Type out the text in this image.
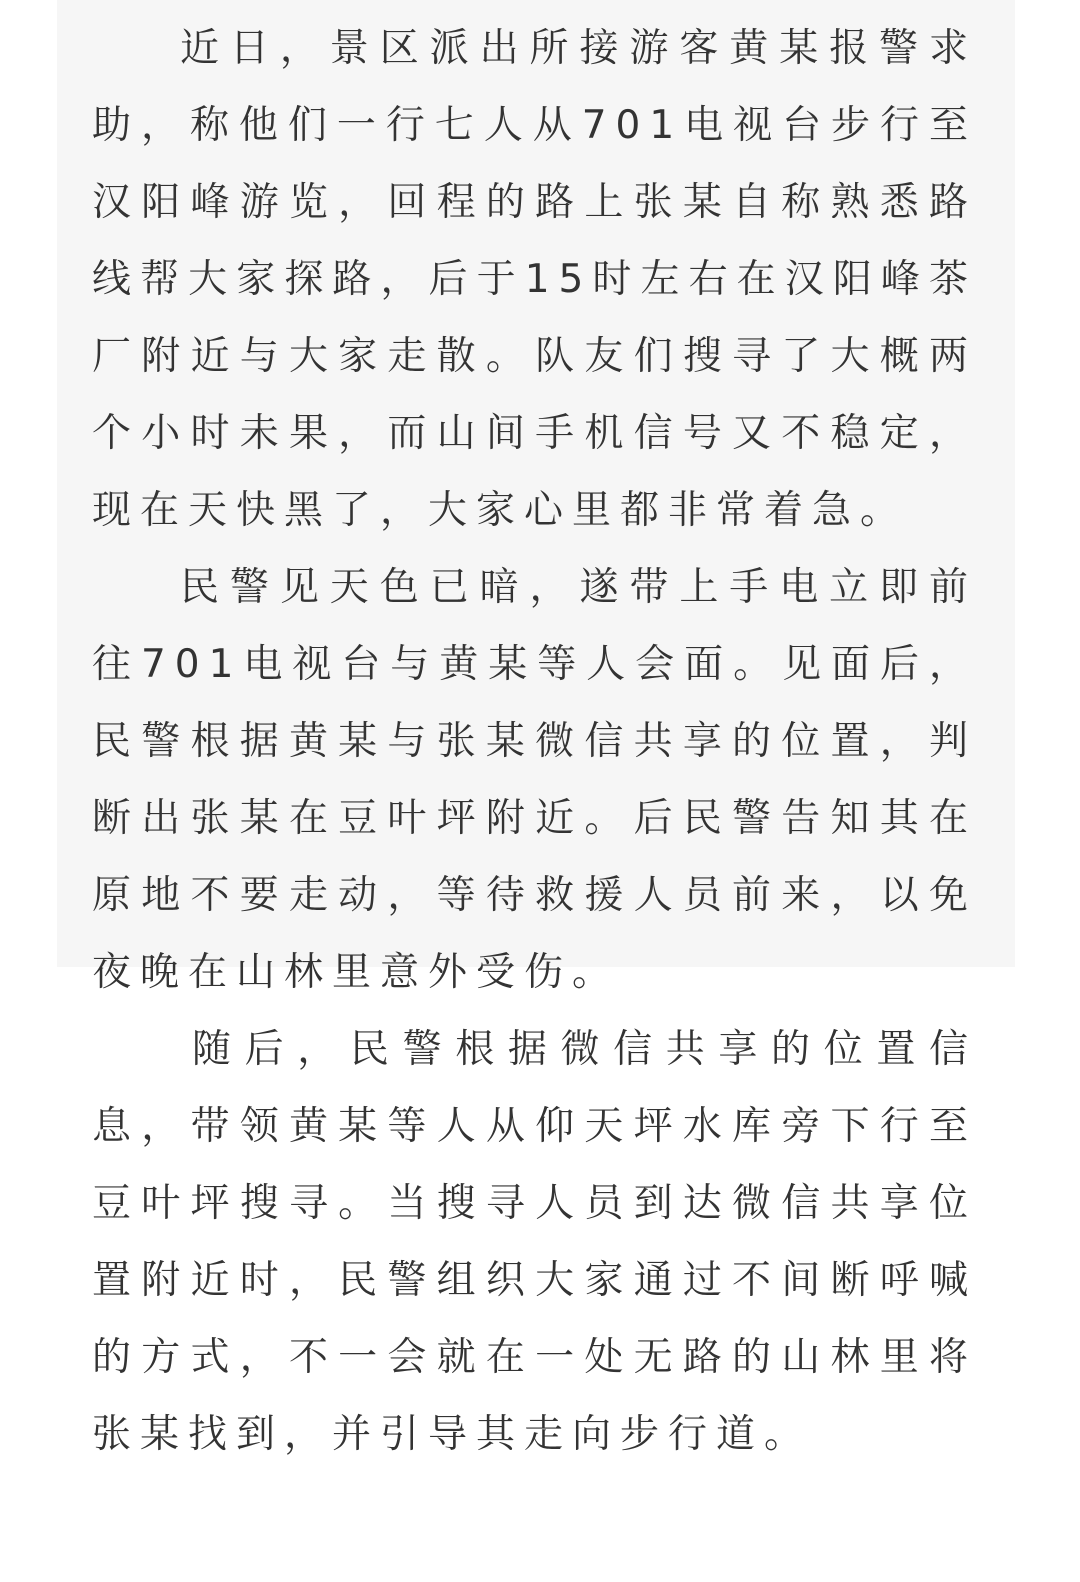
近日，景区派出所接游客黄某报警求助，称他们一行七人从701电视台步行至汉阳峰游览，回程的路上张某自称熟悉路线帮大家探路，后于15时左右在汉阳峰茶厂附近与大家走散。队友们搜寻了大概两个小时未果，而山间手机信号又不稳定，现在天快黑了，大家心里都非常着急。

民警见天色已暗，遂带上手电立即前往701电视台与黄某等人会面。见面后，民警根据黄某与张某微信共享的位置，判断出张某在豆叶坪附近。后民警告知其在原地不要走动，等待救援人员前来，以免夜晚在山林里意外受伤。

随后，民警根据微信共享的位置信息，带领黄某等人从仰天坪水库旁下行至豆叶坪搜寻。当搜寻人员到达微信共享位置附近时，民警组织大家通过不间断呼喊的方式，不一会就在一处无路的山林里将张某找到，并引导其走向步行道。
